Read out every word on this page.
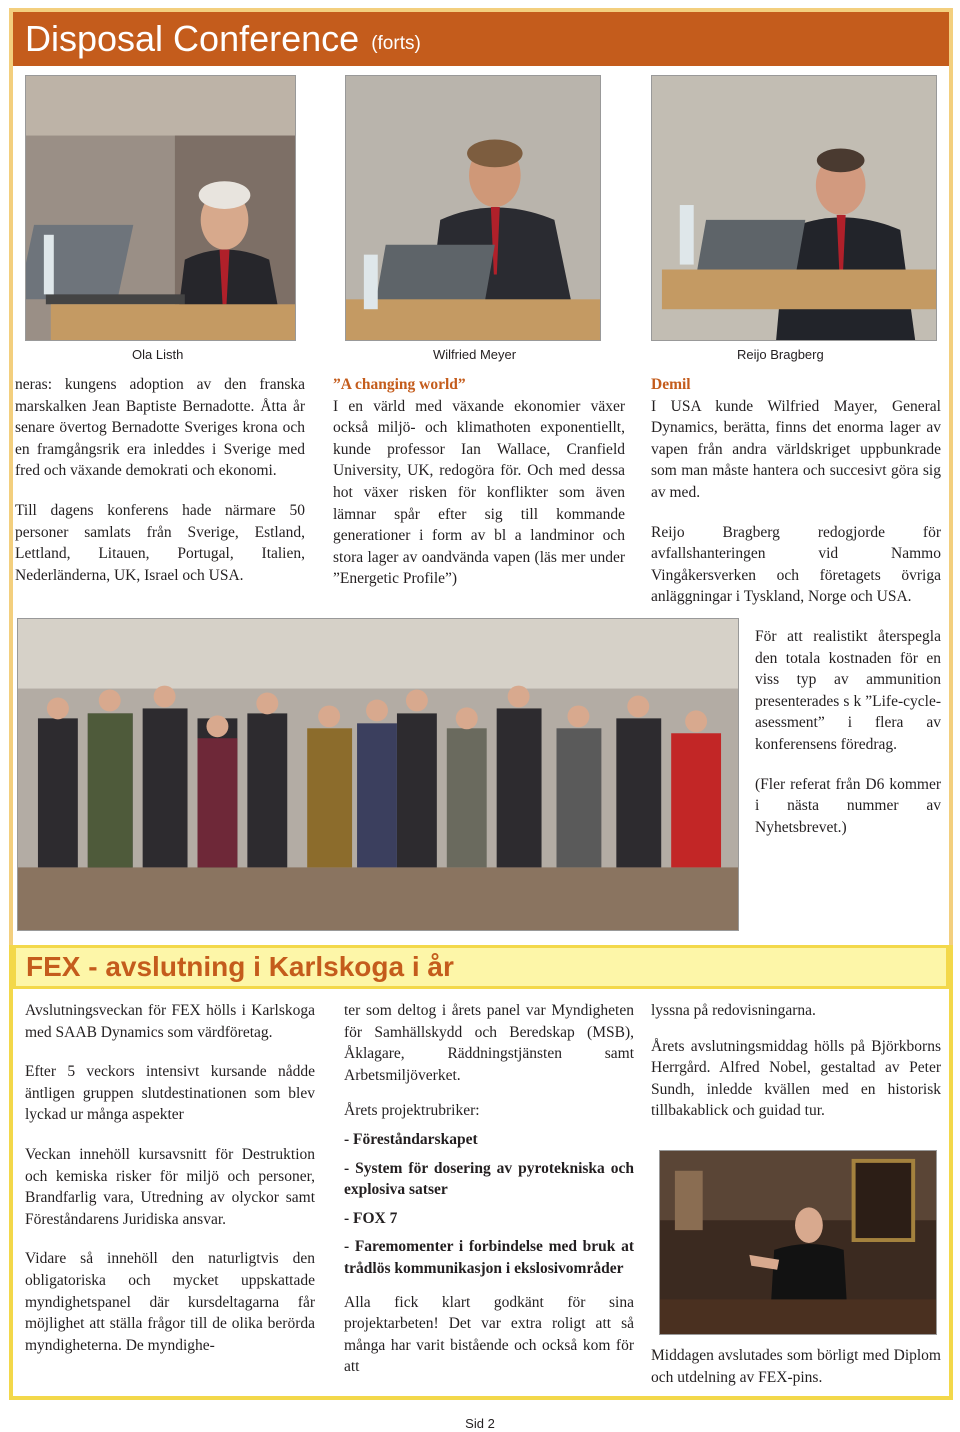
Disposal Conference (forts)
Ola Listh	Wilfried Meyer	Reijo Bragberg

neras: kungens adoption av den franska marskalken Jean Baptiste Bernadotte. Åtta år senare övertog Bernadotte Sveriges krona och en framgångsrik era inleddes i Sverige med fred och växande demokrati och ekonomi.

Till dagens konferens hade närmare 50 personer samlats från Sverige, Estland, Lettland, Litauen, Portugal, Italien, Nederländerna, UK, Israel och USA.

”A changing world”

I en värld med växande ekonomier växer också miljö- och klimathoten exponentiellt, kunde professor Ian Wallace, Cranfield University, UK, redogöra för. Och med dessa hot växer risken för konflikter som även lämnar spår efter sig till kommande generationer i form av bl a landminor och stora lager av oandvända vapen (läs mer under ”Energetic Profile”)

Demil

I USA kunde Wilfried Mayer, General Dynamics, berätta, finns det enorma lager av vapen från andra världskriget uppbunkrade som man måste hantera och succesivt göra sig av med.

Reijo Bragberg redogjorde för avfallshanteringen vid Nammo Vingåkersverken och företagets övriga anläggningar i Tyskland, Norge och USA.

För att realistikt återspegla den totala kostnaden för en viss typ av ammunition presenterades s k ”Life-cycle-asessment” i flera av konferensens föredrag.

(Fler referat från D6 kommer i nästa nummer av Nyhetsbrevet.)

FEX - avslutning i Karlskoga i år

Avslutningsveckan för FEX hölls i Karlskoga med SAAB Dynamics som värdföretag.

Efter 5 veckors intensivt kursande nådde äntligen gruppen slutdestinationen som blev lyckad ur många aspekter

Veckan innehöll kursavsnitt för Destruktion och kemiska risker för miljö och personer, Brandfarlig vara, Utredning av olyckor samt Föreståndarens Juridiska ansvar.

Vidare så innehöll den naturligtvis den obligatoriska och mycket uppskattade myndighetspanel där kursdeltagarna får möjlighet att ställa frågor till de olika berörda myndigheterna. De myndighe-

ter som deltog i årets panel var Myndigheten för Samhällskydd och Beredskap (MSB), Åklagare, Räddningstjänsten samt Arbetsmiljöverket.

Årets projektrubriker:

- Föreståndarskapet

- System för dosering av pyrotekniska och explosiva satser

- FOX 7

- Faremomenter i forbindelse med bruk at trådlös kommunikasjon i ekslosivområder

Alla fick klart godkänt för sina projektarbeten! Det var extra roligt att så många har varit bistående och också kom för att

lyssna på redovisningarna.

Årets avslutningsmiddag hölls på Björkborns Herrgård. Alfred Nobel, gestaltad av Peter Sundh, inledde kvällen med en historisk tillbakablick och guidad tur.

Middagen avslutades som börligt med Diplom och utdelning av FEX-pins.

Sid 2
